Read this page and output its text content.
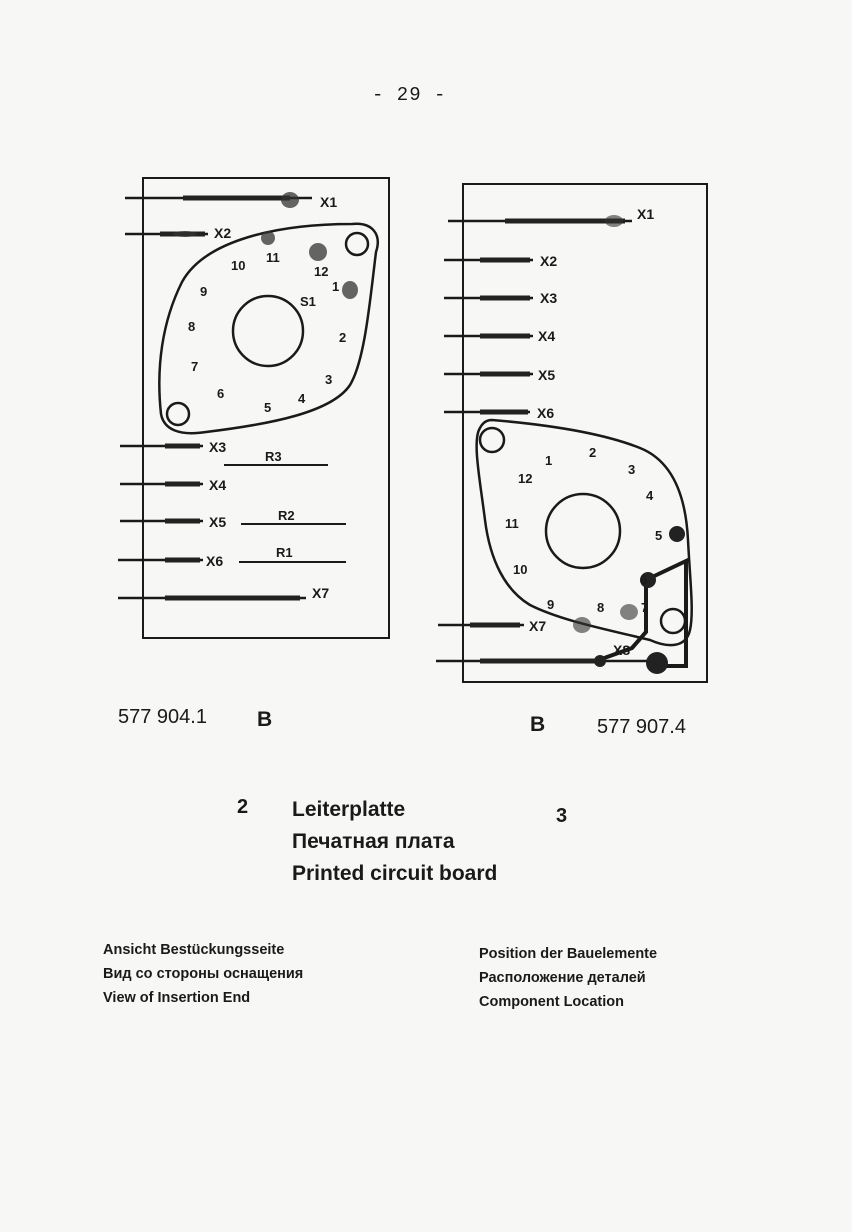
- 29 -
X1
X2
X3
X4
X5
X6
X7
S1
1
2
3
4
5
6
7
8
9
10
11
12
R3
R2
R1
X1
X2
X3
X4
X5
X6
X7
X8
1
2
3
4
5
6
7
8
9
10
11
12
577 904.1 B	B	577 907.4
2	3
Leiterplatte
Печатная плата
Printed circuit board
Ansicht Bestückungsseite
Вид со стороны оснащения
View of Insertion End
Position der Bauelemente
Расположение деталей
Component Location
